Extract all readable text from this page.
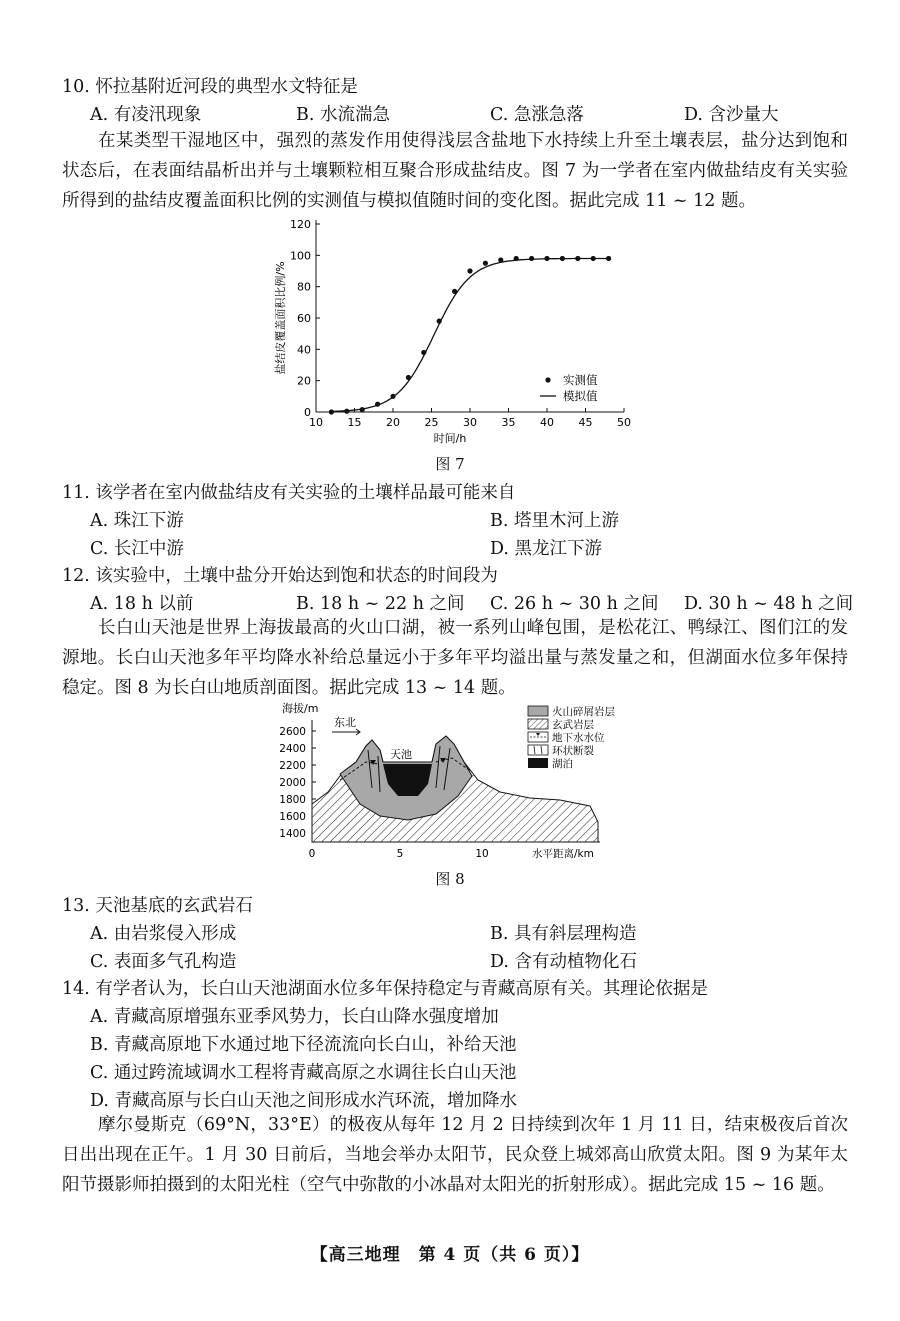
10. 怀拉基附近河段的典型水文特征是
A. 有凌汛现象	B. 水流湍急	C. 急涨急落	D. 含沙量大
在某类型干湿地区中，强烈的蒸发作用使得浅层含盐地下水持续上升至土壤表层，盐分达到饱和状态后，在表面结晶析出并与土壤颗粒相互聚合形成盐结皮。图 7 为一学者在室内做盐结皮有关实验所得到的盐结皮覆盖面积比例的实测值与模拟值随时间的变化图。据此完成 11 ~ 12 题。
0
20
40
60
80
100
120
10 15 20 25 30 35 40 45 50
时间/h
盐结皮覆盖面积比例/%
实测值
模拟值
图 7
11. 该学者在室内做盐结皮有关实验的土壤样品最可能来自
A. 珠江下游	B. 塔里木河上游
C. 长江中游	D. 黑龙江下游
12. 该实验中，土壤中盐分开始达到饱和状态的时间段为
A. 18 h 以前	B. 18 h ~ 22 h 之间 C. 26 h ~ 30 h 之间 D. 30 h ~ 48 h 之间
长白山天池是世界上海拔最高的火山口湖，被一系列山峰包围，是松花江、鸭绿江、图们江的发源地。长白山天池多年平均降水补给总量远小于多年平均溢出量与蒸发量之和，但湖面水位多年保持稳定。图 8 为长白山地质剖面图。据此完成 13 ~ 14 题。
海拔/m
东北
2600
2400
2200
2000
1800
1600
1400
天池
0	5	10	水平距离/km
火山碎屑岩层
玄武岩层
地下水水位
环状断裂
湖泊
图 8
13. 天池基底的玄武岩石
A. 由岩浆侵入形成	B. 具有斜层理构造
C. 表面多气孔构造	D. 含有动植物化石
14. 有学者认为，长白山天池湖面水位多年保持稳定与青藏高原有关。其理论依据是
A. 青藏高原增强东亚季风势力，长白山降水强度增加
B. 青藏高原地下水通过地下径流流向长白山，补给天池
C. 通过跨流域调水工程将青藏高原之水调往长白山天池
D. 青藏高原与长白山天池之间形成水汽环流，增加降水
摩尔曼斯克（69°N，33°E）的极夜从每年 12 月 2 日持续到次年 1 月 11 日，结束极夜后首次日出出现在正午。1 月 30 日前后，当地会举办太阳节，民众登上城郊高山欣赏太阳。图 9 为某年太阳节摄影师拍摄到的太阳光柱（空气中弥散的小冰晶对太阳光的折射形成）。据此完成 15 ~ 16 题。
【高三地理　第 4 页（共 6 页）】
